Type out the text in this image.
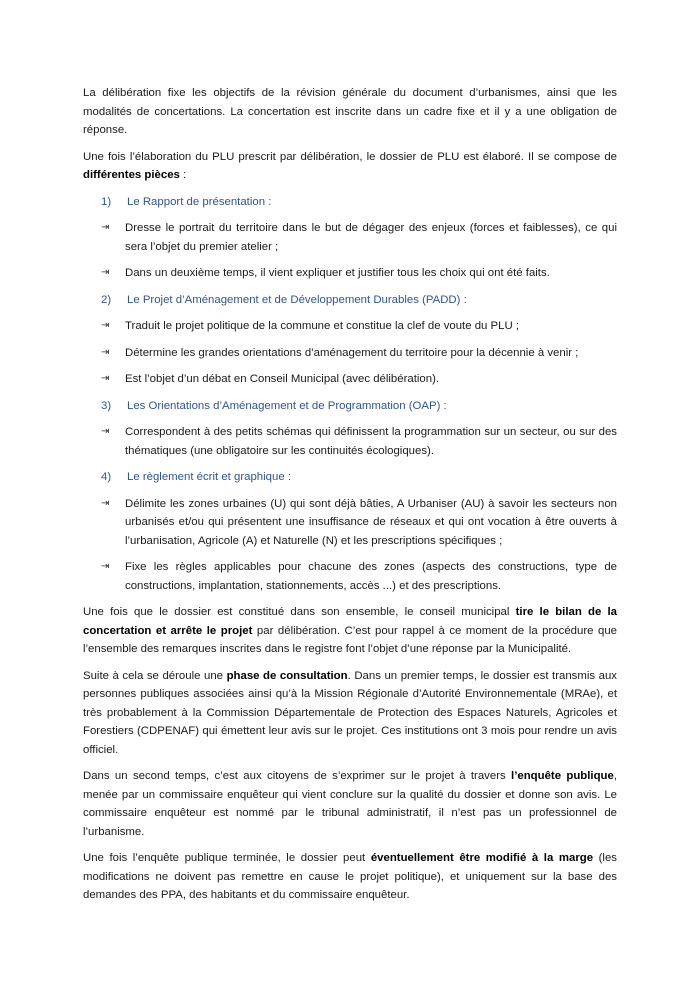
La délibération fixe les objectifs de la révision générale du document d’urbanismes, ainsi que les modalités de concertations. La concertation est inscrite dans un cadre fixe et il y a une obligation de réponse.

Une fois l’élaboration du PLU prescrit par délibération, le dossier de PLU est élaboré. Il se compose de différentes pièces :

1)	Le Rapport de présentation :
⇥	Dresse le portrait du territoire dans le but de dégager des enjeux (forces et faiblesses), ce qui sera l’objet du premier atelier ;
⇥	Dans un deuxième temps, il vient expliquer et justifier tous les choix qui ont été faits.
2)	Le Projet d’Aménagement et de Développement Durables (PADD) :
⇥	Traduit le projet politique de la commune et constitue la clef de voute du PLU ;
⇥	Détermine les grandes orientations d’aménagement du territoire pour la décennie à venir ;
⇥	Est l’objet d’un débat en Conseil Municipal (avec délibération).
3)	Les Orientations d’Aménagement et de Programmation (OAP) :
⇥	Correspondent à des petits schémas qui définissent la programmation sur un secteur, ou sur des thématiques (une obligatoire sur les continuités écologiques).
4)	Le règlement écrit et graphique :
⇥	Délimite les zones urbaines (U) qui sont déjà bâties, A Urbaniser (AU) à savoir les secteurs non urbanisés et/ou qui présentent une insuffisance de réseaux et qui ont vocation à être ouverts à l’urbanisation, Agricole (A) et Naturelle (N) et les prescriptions spécifiques ;
⇥	Fixe les règles applicables pour chacune des zones (aspects des constructions, type de constructions, implantation, stationnements, accès ...) et des prescriptions.

Une fois que le dossier est constitué dans son ensemble, le conseil municipal tire le bilan de la concertation et arrête le projet par délibération. C’est pour rappel à ce moment de la procédure que l’ensemble des remarques inscrites dans le registre font l’objet d’une réponse par la Municipalité.

Suite à cela se déroule une phase de consultation. Dans un premier temps, le dossier est transmis aux personnes publiques associées ainsi qu’à la Mission Régionale d’Autorité Environnementale (MRAe), et très probablement à la Commission Départementale de Protection des Espaces Naturels, Agricoles et Forestiers (CDPENAF) qui émettent leur avis sur le projet. Ces institutions ont 3 mois pour rendre un avis officiel.

Dans un second temps, c’est aux citoyens de s’exprimer sur le projet à travers l’enquête publique, menée par un commissaire enquêteur qui vient conclure sur la qualité du dossier et donne son avis. Le commissaire enquêteur est nommé par le tribunal administratif, il n’est pas un professionnel de l’urbanisme.

Une fois l’enquête publique terminée, le dossier peut éventuellement être modifié à la marge (les modifications ne doivent pas remettre en cause le projet politique), et uniquement sur la base des demandes des PPA, des habitants et du commissaire enquêteur.
